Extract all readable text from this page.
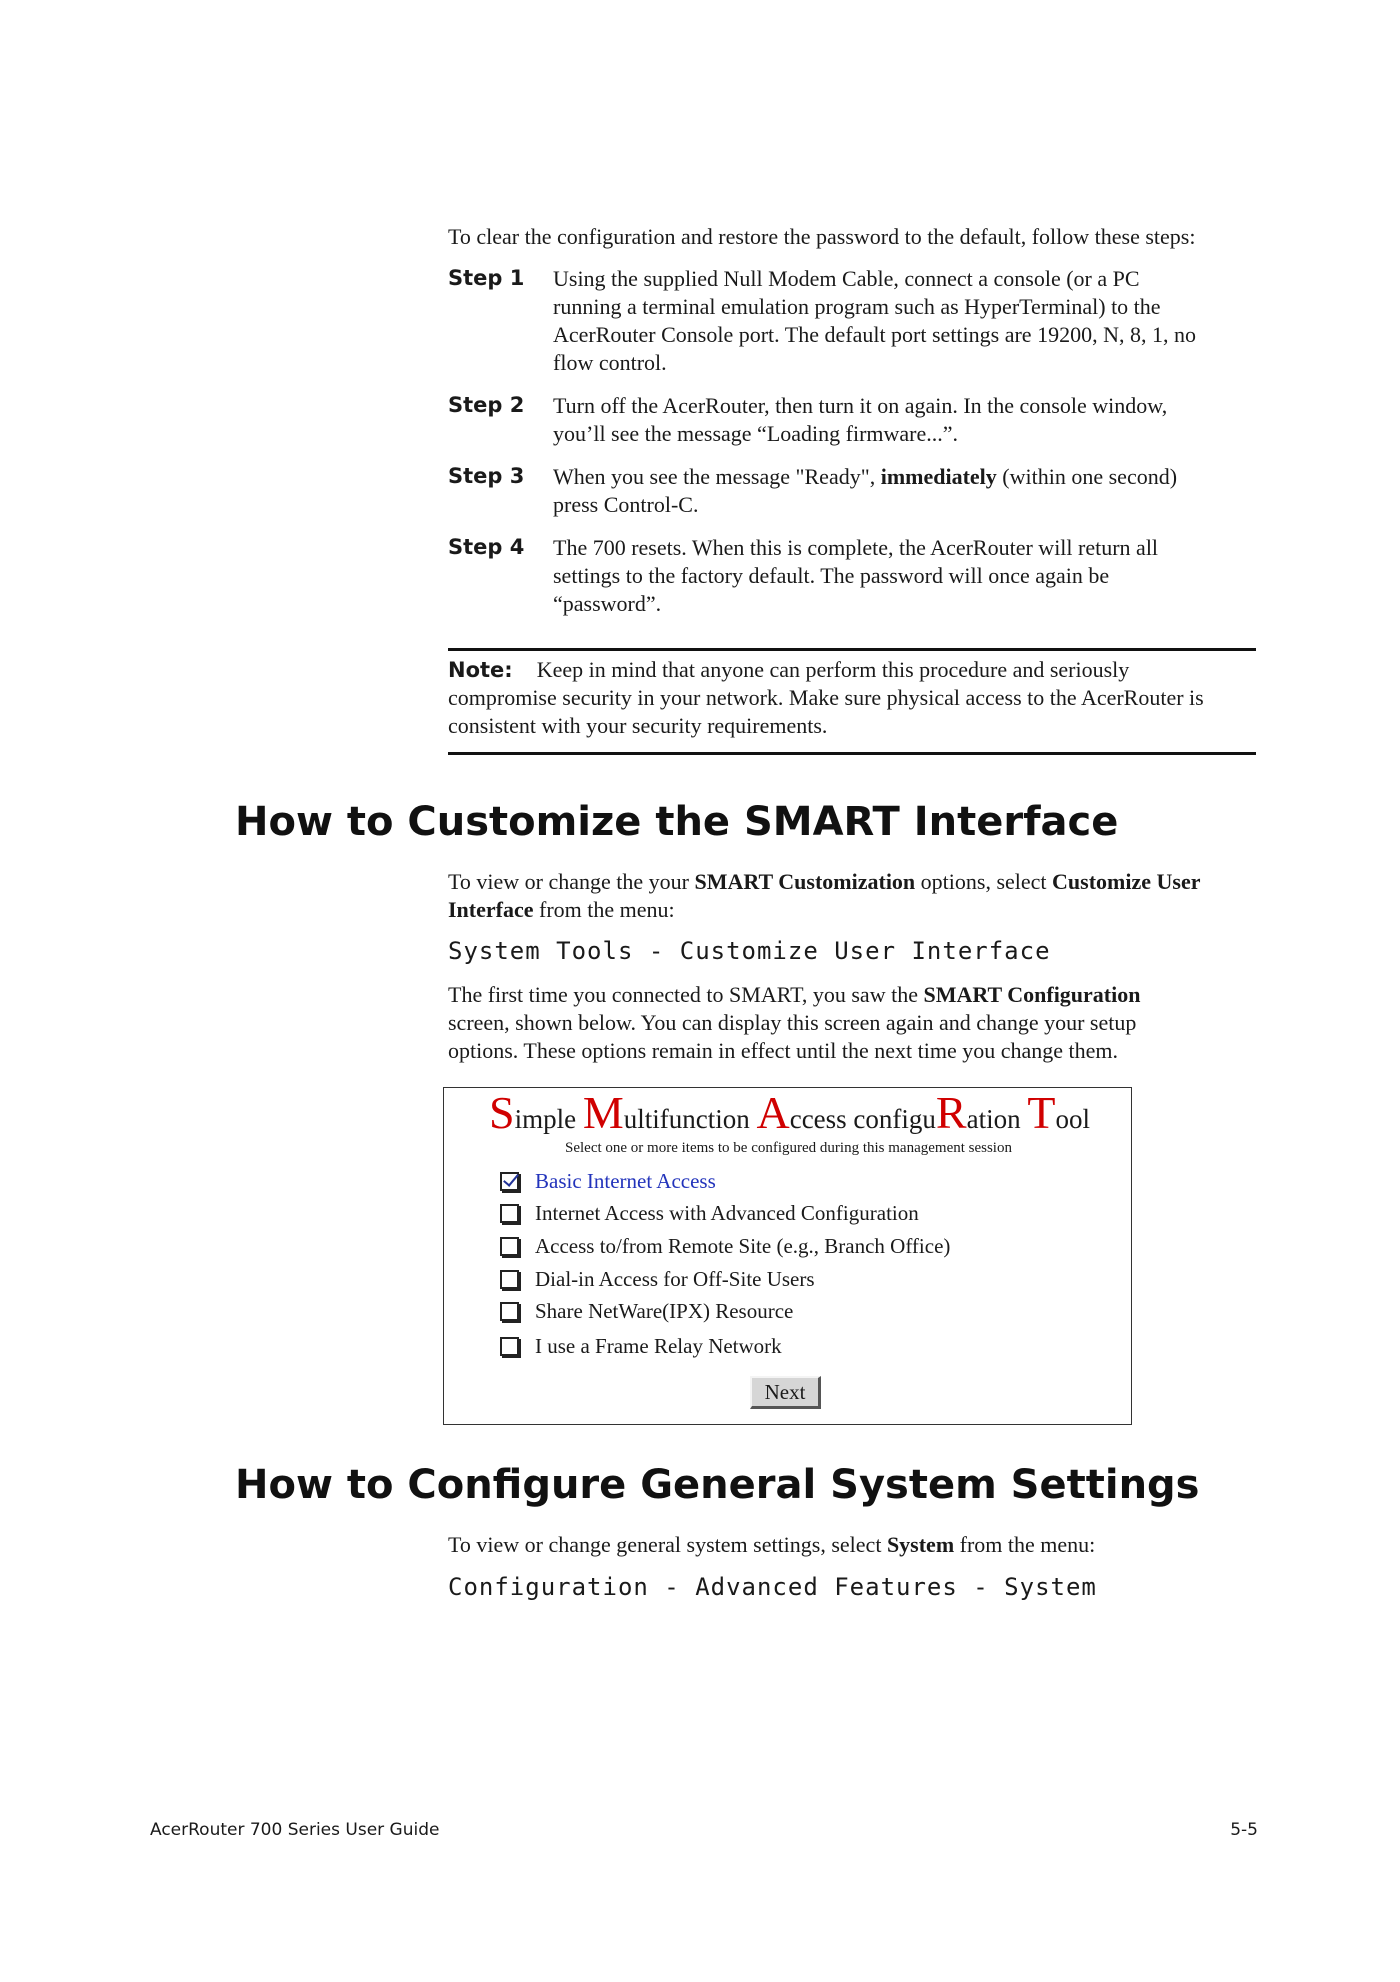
To clear the configuration and restore the password to the default, follow these steps:
Step 1	Using the supplied Null Modem Cable, connect a console (or a PC
running a terminal emulation program such as HyperTerminal) to the
AcerRouter Console port. The default port settings are 19200, N, 8, 1, no
flow control.
Step 2	Turn off the AcerRouter, then turn it on again. In the console window,
you’ll see the message “Loading firmware...”.
Step 3	When you see the message "Ready", immediately (within one second)
press Control-C.
Step 4	The 700 resets. When this is complete, the AcerRouter will return all
settings to the factory default. The password will once again be
“password”.
Note: Keep in mind that anyone can perform this procedure and seriously
compromise security in your network. Make sure physical access to the AcerRouter is
consistent with your security requirements.
How to Customize the SMART Interface
To view or change the your SMART Customization options, select Customize User
Interface from the menu:
System Tools - Customize User Interface
The first time you connected to SMART, you saw the SMART Configuration
screen, shown below. You can display this screen again and change your setup
options. These options remain in effect until the next time you change them.
Simple Multifunction Access configuRation Tool
Select one or more items to be configured during this management session
Basic Internet Access
Internet Access with Advanced Configuration
Access to/from Remote Site (e.g., Branch Office)
Dial-in Access for Off-Site Users
Share NetWare(IPX) Resource
I use a Frame Relay Network
Next
How to Configure General System Settings
To view or change general system settings, select System from the menu:
Configuration - Advanced Features - System
AcerRouter 700 Series User Guide	5-5
